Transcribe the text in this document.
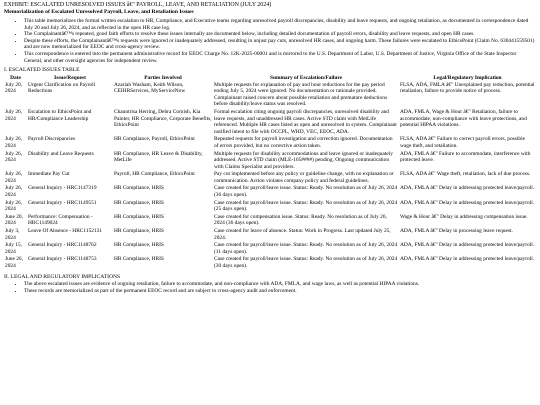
EXHIBIT: ESCALATED UNRESOLVED ISSUES â€" PAYROLL, LEAVE, AND RETALIATION (JULY 2024)
Memorialization of Escalated Unresolved Payroll, Leave, and Retaliation Issues
• This table memorializes the formal written escalation to HR, Compliance, and Executive teams regarding unresolved payroll discrepancies, disability and leave requests, and ongoing retaliation, as documented in correspondence dated July 20 and July 26, 2024, and as reflected in the open HR case log.
• The Complainantâ€™s repeated, good faith efforts to resolve these issues internally are documented below, including detailed documentation of payroll errors, disability and leave requests, and open HR cases.
• Despite these efforts, the Complainantâ€™s requests were ignored or inadequately addressed, resulting in unjust pay cuts, unresolved HR cases, and ongoing harm. These failures were escalated to EthicsPoint (Claim No. 630441559501) and are now memorialized for EEOC and cross-agency review.
• This correspondence is entered into the permanent administrative record for EEOC Charge No. 12K-2025-00001 and is mirrored to the U.S. Department of Labor, U.S. Department of Justice, Virginia Office of the State Inspector General, and other oversight agencies for independent review.
I. ESCALATED ISSUES TABLE
Date	Issue/Request	Parties Involved	Summary of Escalation/Failure	Legal/Regulatory Implication
July 20, 2024	Urgent Clarification on Payroll Reductions	Azariah Washam, Keith Wilson, CEIHRServices, MyServiceNow	Multiple requests for explanation of pay and hour reductions for the pay period ending July 5, 2024 were ignored. No documentation or rationale provided. Complainant raised concern about possible retaliation and premature deductions before disability/leave status was resolved.	FLSA, ADA, FMLA â€" Unexplained pay reduction, potential retaliation, failure to provide notice of process.
July 26, 2024	Escalation to EthicsPoint and HR/Compliance Leadership	Chauntrisa Herring, Debra Cornish, Kia Painter, HR Compliance, Corporate Benefits, EthicsPoint	Formal escalation citing ongoing payroll discrepancies, unresolved disability and leave requests, and unaddressed HR cases. Active STD claim with MetLife referenced. Multiple HR cases listed as open and unresolved in system. Complainant notified intent to file with OCCPL, WHD, VEC, EEOC, ADA.	ADA, FMLA, Wage & Hour â€" Retaliation, failure to accommodate, non-compliance with leave protections, and potential HIPAA violations.
July 26, 2024	Payroll Discrepancies	HR Compliance, Payroll, EthicsPoint	Repeated requests for payroll investigation and correction ignored. Documentation of errors provided, but no corrective action taken.	FLSA, ADA â€" Failure to correct payroll errors, possible wage theft, and retaliation.
July 26, 2024	Disability and Leave Requests	HR Compliance, HR Leave & Disability, MetLife	Multiple requests for disability accommodations and leave ignored or inadequately addressed. Active STD claim (MLE-105####) pending. Ongoing communication with Claims Specialist and providers.	ADA, FMLA â€" Failure to accommodate, interference with protected leave.
July 26, 2024	Immediate Pay Cut	Payroll, HR Compliance, EthicsPoint	Pay cut implemented before any policy or guideline change, with no explanation or communication. Action violates company policy and federal guidelines.	FLSA, ADA â€" Wage theft, retaliation, lack of due process.
July 26, 2024	General Inquiry - HRC1147319	HR Compliance, HRIS	Case created for payroll/leave issue. Status: Ready. No resolution as of July 26, 2024 (36 days open).	ADA, FMLA â€" Delay in addressing protected leave/payroll.
July 26, 2024	General Inquiry - HRC1149551	HR Compliance, HRIS	Case created for payroll/leave issue. Status: Ready. No resolution as of July 26, 2024 (25 days open).	ADA, FMLA â€" Delay in addressing protected leave/payroll.
June 20, 2024	Performance: Compensation - HRC1149024	HR Compliance, HRIS	Case created for compensation issue. Status: Ready. No resolution as of July 26, 2024 (36 days open).	Wage & Hour â€" Delay in addressing compensation issue.
July 3, 2024	Leave Of Absence - HRC1152131	HR Compliance, HRIS	Case created for leave of absence. Status: Work in Progress. Last updated July 25, 2024.	ADA, FMLA â€" Delay in processing leave request.
July 15, 2024	General Inquiry - HRC1148762	HR Compliance, HRIS	Case created for payroll/leave issue. Status: Ready. No resolution as of July 26, 2024 (11 days open).	ADA, FMLA â€" Delay in addressing protected leave/payroll.
June 26, 2024	General Inquiry - HRC1148753	HR Compliance, HRIS	Case created for payroll/leave issue. Status: Ready. No resolution as of July 26, 2024 (30 days open).	ADA, FMLA â€" Delay in addressing protected leave/payroll.
II. LEGAL AND REGULATORY IMPLICATIONS
• The above escalated issues are evidence of ongoing retaliation, failure to accommodate, and non-compliance with ADA, FMLA, and wage laws, as well as potential HIPAA violations.
• These records are memorialized as part of the permanent EEOC record and are subject to cross-agency audit and enforcement.
